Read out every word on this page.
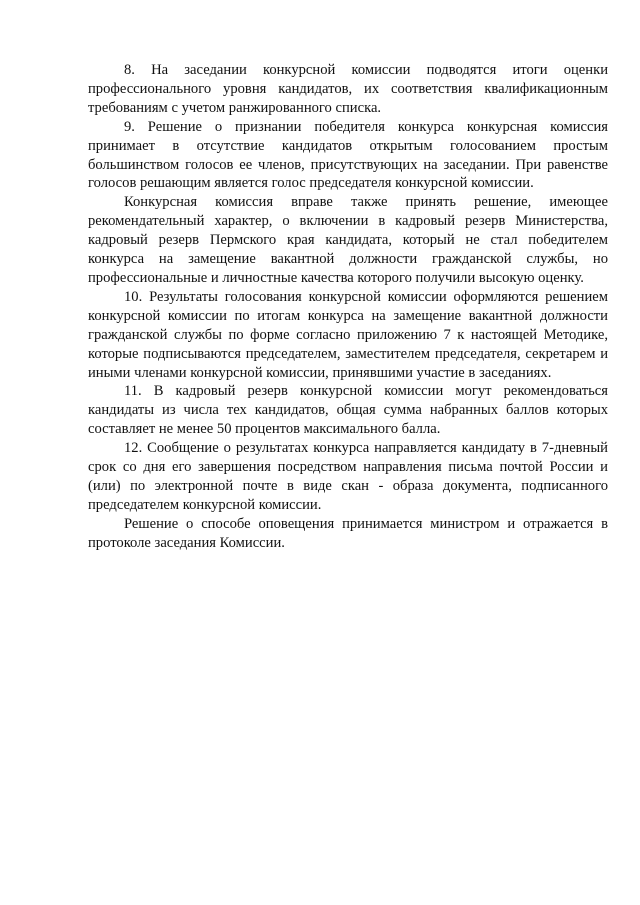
8. На заседании конкурсной комиссии подводятся итоги оценки профессионального уровня кандидатов, их соответствия квалификационным требованиям с учетом ранжированного списка.

9. Решение о признании победителя конкурса конкурсная комиссия принимает в отсутствие кандидатов открытым голосованием простым большинством голосов ее членов, присутствующих на заседании. При равенстве голосов решающим является голос председателя конкурсной комиссии.

Конкурсная комиссия вправе также принять решение, имеющее рекомендательный характер, о включении в кадровый резерв Министерства, кадровый резерв Пермского края кандидата, который не стал победителем конкурса на замещение вакантной должности гражданской службы, но профессиональные и личностные качества которого получили высокую оценку.

10. Результаты голосования конкурсной комиссии оформляются решением конкурсной комиссии по итогам конкурса на замещение вакантной должности гражданской службы по форме согласно приложению 7 к настоящей Методике, которые подписываются председателем, заместителем председателя, секретарем и иными членами конкурсной комиссии, принявшими участие в заседаниях.

11. В кадровый резерв конкурсной комиссии могут рекомендоваться кандидаты из числа тех кандидатов, общая сумма набранных баллов которых составляет не менее 50 процентов максимального балла.

12. Сообщение о результатах конкурса направляется кандидату в 7-дневный срок со дня его завершения посредством направления письма почтой России и (или) по электронной почте в виде скан - образа документа, подписанного председателем конкурсной комиссии.

Решение о способе оповещения принимается министром и отражается в протоколе заседания Комиссии.
